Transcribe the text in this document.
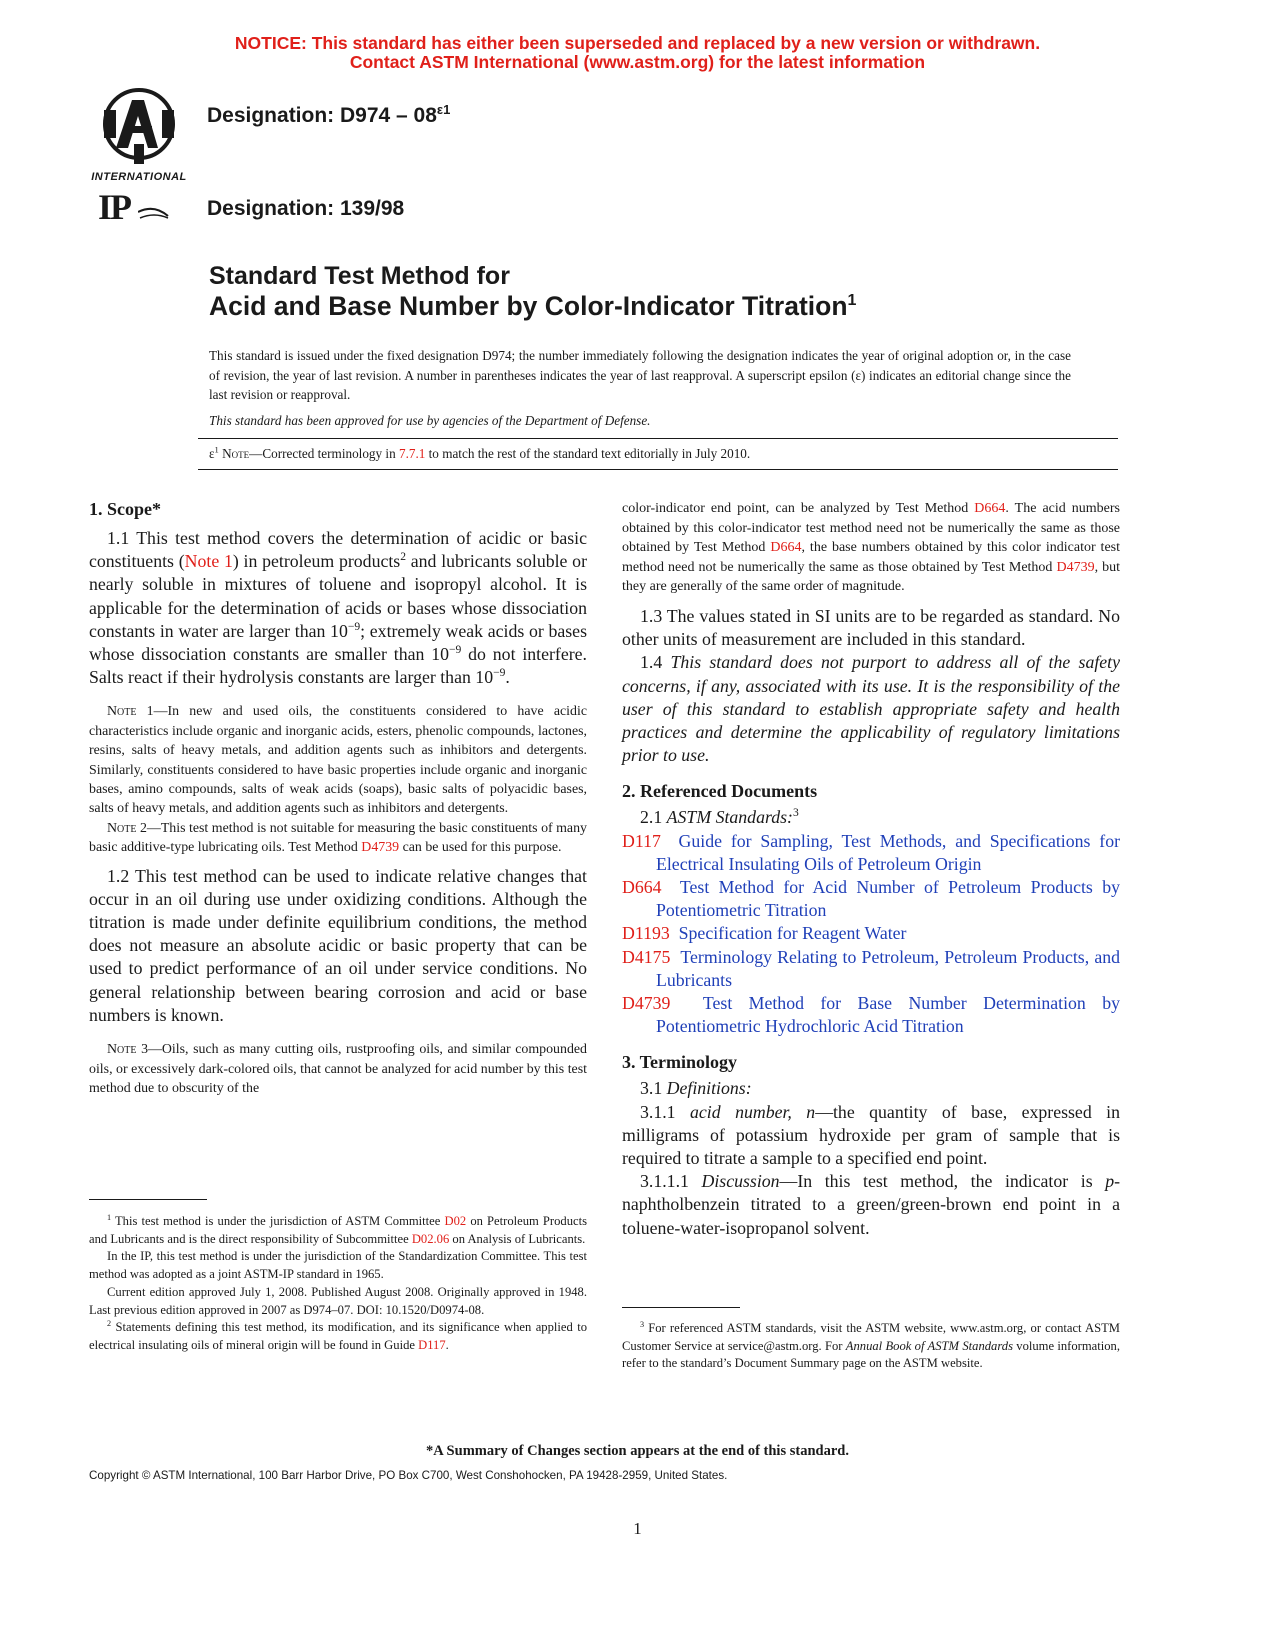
NOTICE: This standard has either been superseded and replaced by a new version or withdrawn.
Contact ASTM International (www.astm.org) for the latest information
INTERNATIONAL
Designation: $D974 - 08^{\varepsilon 1}$
IP	Designation: 139/98
Standard Test Method for
Acid and Base Number by Color-Indicator Titration$^1$
This standard is issued under the fixed designation D974; the number immediately following the designation indicates the year of original adoption or, in the case of revision, the year of last revision. A number in parentheses indicates the year of last reapproval. A superscript epsilon (ε) indicates an editorial change since the last revision or reapproval.
This standard has been approved for use by agencies of the Department of Defense.
$\varepsilon^1$ Note—Corrected terminology in 7.7.1 to match the rest of the standard text editorially in July 2010.
1. Scope*

1.1 This test method covers the determination of acidic or basic constituents (Note 1) in petroleum products$^2$ and lubricants soluble or nearly soluble in mixtures of toluene and isopropyl alcohol. It is applicable for the determination of acids or bases whose dissociation constants in water are larger than $10^{-9}$; extremely weak acids or bases whose dissociation constants are smaller than $10^{-9}$ do not interfere. Salts react if their hydrolysis constants are larger than $10^{-9}$.

Note 1—In new and used oils, the constituents considered to have acidic characteristics include organic and inorganic acids, esters, phenolic compounds, lactones, resins, salts of heavy metals, and addition agents such as inhibitors and detergents. Similarly, constituents considered to have basic properties include organic and inorganic bases, amino compounds, salts of weak acids (soaps), basic salts of polyacidic bases, salts of heavy metals, and addition agents such as inhibitors and detergents.

Note 2—This test method is not suitable for measuring the basic constituents of many basic additive-type lubricating oils. Test Method D4739 can be used for this purpose.

1.2 This test method can be used to indicate relative changes that occur in an oil during use under oxidizing conditions. Although the titration is made under definite equilibrium conditions, the method does not measure an absolute acidic or basic property that can be used to predict performance of an oil under service conditions. No general relationship between bearing corrosion and acid or base numbers is known.

Note 3—Oils, such as many cutting oils, rustproofing oils, and similar compounded oils, or excessively dark-colored oils, that cannot be analyzed for acid number by this test method due to obscurity of the

$^1$ This test method is under the jurisdiction of ASTM Committee D02 on Petroleum Products and Lubricants and is the direct responsibility of Subcommittee D02.06 on Analysis of Lubricants.

In the IP, this test method is under the jurisdiction of the Standardization Committee. This test method was adopted as a joint ASTM-IP standard in 1965.

Current edition approved July 1, 2008. Published August 2008. Originally approved in 1948. Last previous edition approved in 2007 as D974–07. DOI: 10.1520/D0974-08.

$^2$ Statements defining this test method, its modification, and its significance when applied to electrical insulating oils of mineral origin will be found in Guide D117.

color-indicator end point, can be analyzed by Test Method D664. The acid numbers obtained by this color-indicator test method need not be numerically the same as those obtained by Test Method D664, the base numbers obtained by this color indicator test method need not be numerically the same as those obtained by Test Method D4739, but they are generally of the same order of magnitude.

1.3 The values stated in SI units are to be regarded as standard. No other units of measurement are included in this standard.

1.4 This standard does not purport to address all of the safety concerns, if any, associated with its use. It is the responsibility of the user of this standard to establish appropriate safety and health practices and determine the applicability of regulatory limitations prior to use.

2. Referenced Documents

2.1 ASTM Standards:$^3$

D117 Guide for Sampling, Test Methods, and Specifications for Electrical Insulating Oils of Petroleum Origin

D664 Test Method for Acid Number of Petroleum Products by Potentiometric Titration

D1193 Specification for Reagent Water

D4175 Terminology Relating to Petroleum, Petroleum Products, and Lubricants

D4739 Test Method for Base Number Determination by Potentiometric Hydrochloric Acid Titration

3. Terminology

3.1 Definitions:

3.1.1 acid number, n—the quantity of base, expressed in milligrams of potassium hydroxide per gram of sample that is required to titrate a sample to a specified end point.

3.1.1.1 Discussion—In this test method, the indicator is p-naphtholbenzein titrated to a green/green-brown end point in a toluene-water-isopropanol solvent.

$^3$ For referenced ASTM standards, visit the ASTM website, www.astm.org, or contact ASTM Customer Service at service@astm.org. For Annual Book of ASTM Standards volume information, refer to the standard’s Document Summary page on the ASTM website.

*A Summary of Changes section appears at the end of this standard.
Copyright © ASTM International, 100 Barr Harbor Drive, PO Box C700, West Conshohocken, PA 19428-2959, United States.
1
